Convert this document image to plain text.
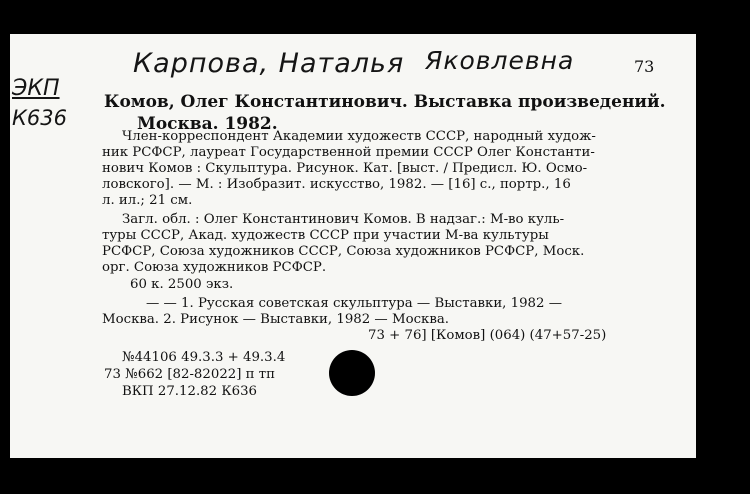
Карпова, Наталья Яковлевна
ЭКП
К636
73
Комов, Олег Константинович. Выставка произведений.
Москва. 1982.
Член-корреспондент Академии художеств СССР, народный худож-
ник РСФСР, лауреат Государственной премии СССР Олег Константи-
нович Комов : Скульптура. Рисунок. Кат. [выст. / Предисл. Ю. Осмо-
ловского]. — М. : Изобразит. искусство, 1982. — [16] с., портр., 16
л. ил.; 21 см.
Загл. обл. : Олег Константинович Комов. В надзаг.: М-во куль-
туры СССР, Акад. художеств СССР при участии М-ва культуры
РСФСР, Союза художников СССР, Союза художников РСФСР, Моск.
орг. Союза художников РСФСР.
60 к. 2500 экз.
— — 1. Русская советская скульптура — Выставки, 1982 —
Москва. 2. Рисунок — Выставки, 1982 — Москва.
73 + 76] [Комов] (064) (47+57-25)
№44106 49.3.3 + 49.3.4
73 №662 [82-82022] п тп
ВКП 27.12.82 К636
